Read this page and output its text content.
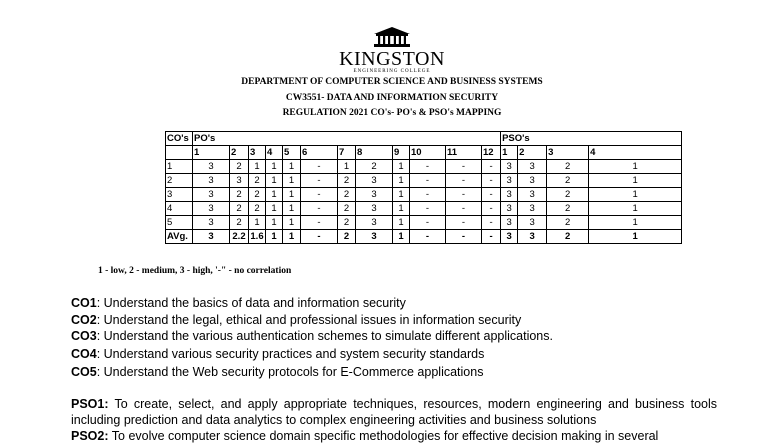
KINGSTON
ENGINEERING COLLEGE
DEPARTMENT OF COMPUTER SCIENCE AND BUSINESS SYSTEMS
CW3551- DATA AND INFORMATION SECURITY
REGULATION 2021 CO's- PO's & PSO's MAPPING
CO's	PO's												PSO's			
	1	2	3	4	5	6	7	8	9	10	11	12	1	2	3	4
1	3	2	1	1	1	-	1	2	1	-	-	-	3	3	2	1
2	3	3	2	1	1	-	2	3	1	-	-	-	3	3	2	1
3	3	2	2	1	1	-	2	3	1	-	-	-	3	3	2	1
4	3	2	2	1	1	-	2	3	1	-	-	-	3	3	2	1
5	3	2	1	1	1	-	2	3	1	-	-	-	3	3	2	1
AVg.	3	2.2	1.6	1	1	-	2	3	1	-	-	-	3	3	2	1
1 - low, 2 - medium, 3 - high, '-" - no correlation
CO1: Understand the basics of data and information security
CO2: Understand the legal, ethical and professional issues in information security
CO3: Understand the various authentication schemes to simulate different applications.
CO4: Understand various security practices and system security standards
CO5: Understand the Web security protocols for E-Commerce applications
PSO1: To create, select, and apply appropriate techniques, resources, modern engineering and business tools including prediction and data analytics to complex engineering activities and business solutions
PSO2: To evolve computer science domain specific methodologies for effective decision making in several
